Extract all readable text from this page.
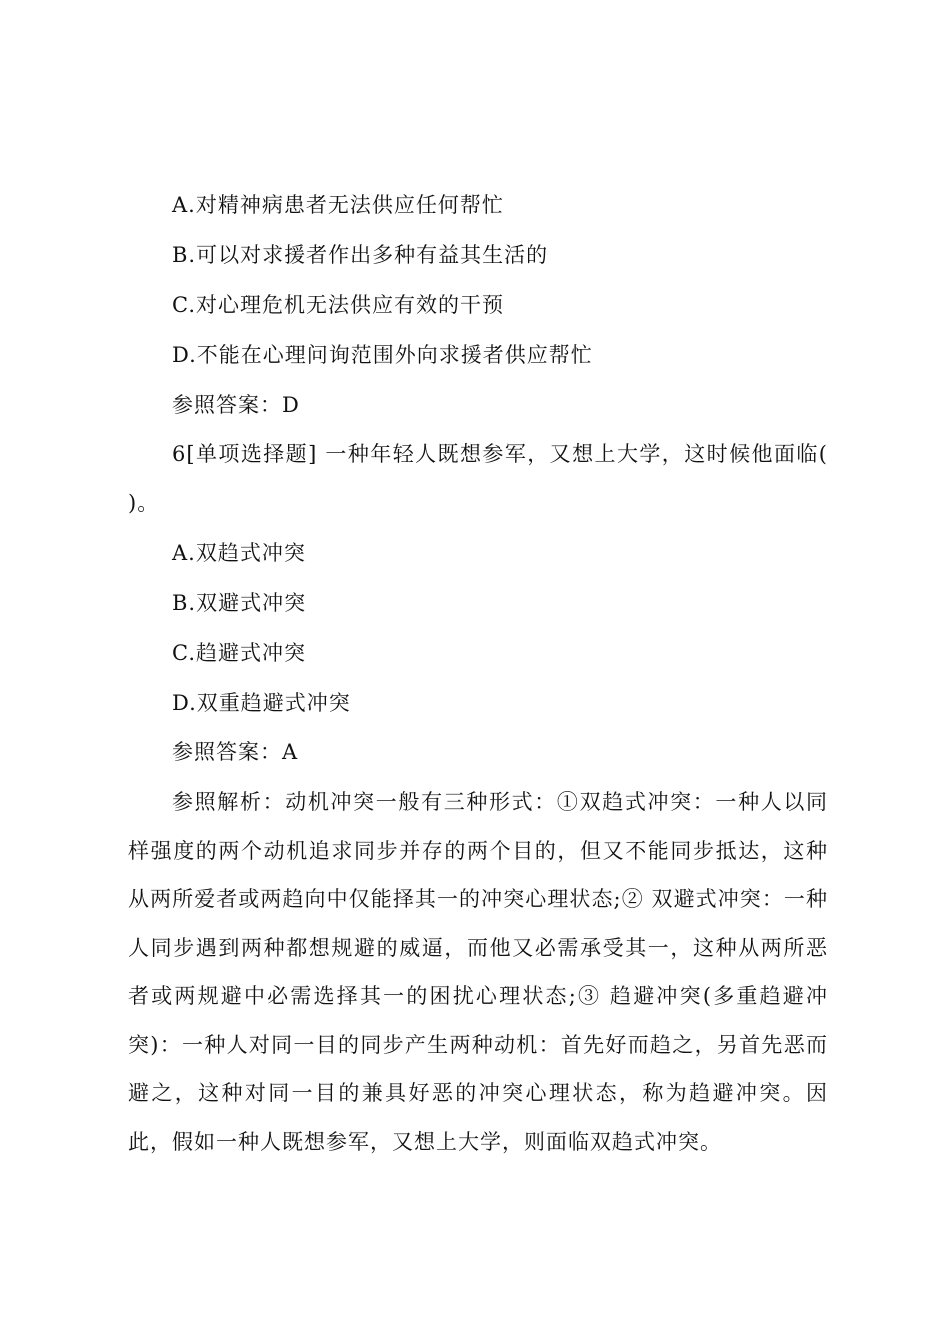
A.对精神病患者无法供应任何帮忙
B.可以对求援者作出多种有益其生活的
C.对心理危机无法供应有效的干预
D.不能在心理问询范围外向求援者供应帮忙
参照答案：D
6[单项选择题] 一种年轻人既想参军，又想上大学，这时候他面临( )。
A.双趋式冲突
B.双避式冲突
C.趋避式冲突
D.双重趋避式冲突
参照答案：A
参照解析：动机冲突一般有三种形式：①双趋式冲突：一种人以同样强度的两个动机追求同步并存的两个目的，但又不能同步抵达，这种从两所爱者或两趋向中仅能择其一的冲突心理状态;② 双避式冲突：一种人同步遇到两种都想规避的威逼，而他又必需承受其一，这种从两所恶者或两规避中必需选择其一的困扰心理状态;③ 趋避冲突(多重趋避冲突)：一种人对同一目的同步产生两种动机：首先好而趋之，另首先恶而避之，这种对同一目的兼具好恶的冲突心理状态，称为趋避冲突。因此，假如一种人既想参军，又想上大学，则面临双趋式冲突。
